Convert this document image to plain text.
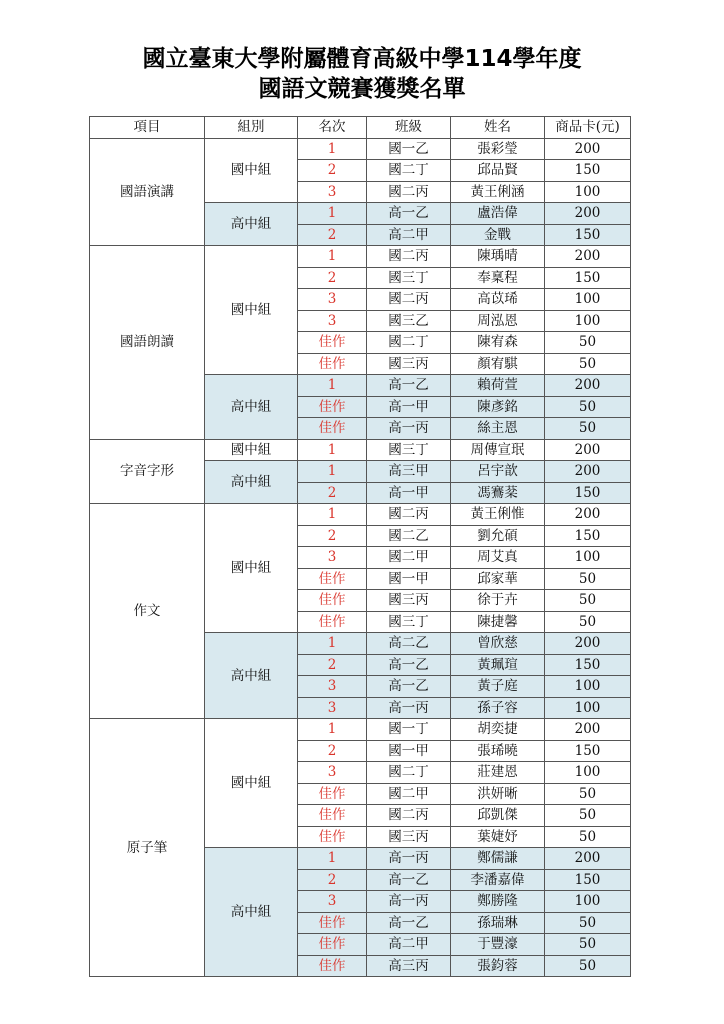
國立臺東大學附屬體育高級中學114學年度
國語文競賽獲獎名單
項目	組別	名次	班級	姓名	商品卡(元)
國語演講	國中組	1	國一乙	張彩瑩	200
		2	國二丁	邱品賢	150
		3	國二丙	黃王俐涵	100
	高中組	1	高一乙	盧浩偉	200
		2	高二甲	金戰	150
國語朗讀	國中組	1	國二丙	陳瑀晴	200
		2	國三丁	奉稟程	150
		3	國二丙	高苡琋	100
		3	國三乙	周泓恩	100
		佳作	國二丁	陳宥森	50
		佳作	國三丙	顏宥騏	50
	高中組	1	高一乙	賴荷萱	200
		佳作	高一甲	陳彥銘	50
		佳作	高一丙	絲主恩	50
字音字形	國中組	1	國三丁	周傳宣珉	200
	高中組	1	高三甲	呂宇歆	200
		2	高一甲	馮鶱棻	150
作文	國中組	1	國二丙	黃王俐惟	200
		2	國二乙	劉允碩	150
		3	國二甲	周艾真	100
		佳作	國一甲	邱家華	50
		佳作	國三丙	徐于卉	50
		佳作	國三丁	陳捷馨	50
	高中組	1	高二乙	曾欣慈	200
		2	高一乙	黃珮瑄	150
		3	高一乙	黃子庭	100
		3	高一丙	孫子容	100
原子筆	國中組	1	國一丁	胡奕捷	200
		2	國一甲	張琋曉	150
		3	國二丁	莊建恩	100
		佳作	國二甲	洪妍晰	50
		佳作	國二丙	邱凱傑	50
		佳作	國三丙	葉婕妤	50
	高中組	1	高一丙	鄭儒謙	200
		2	高一乙	李潘嘉偉	150
		3	高一丙	鄭勝隆	100
		佳作	高一乙	孫瑞琳	50
		佳作	高二甲	于豐濠	50
		佳作	高三丙	張鈞蓉	50
